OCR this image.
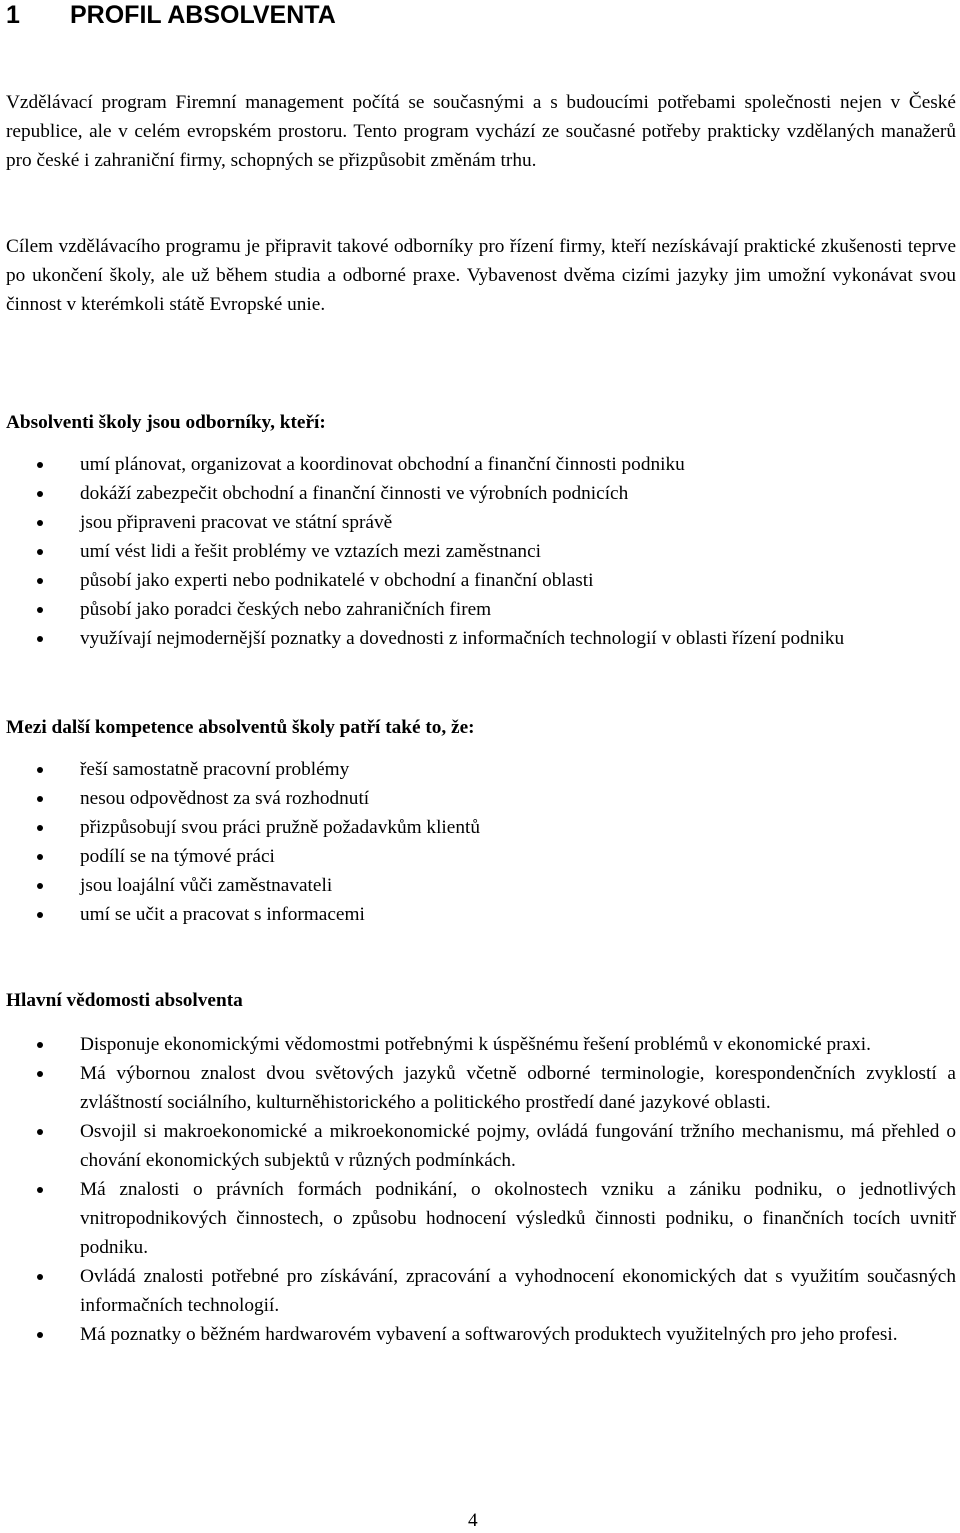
1 PROFIL ABSOLVENTA

Vzdělávací program Firemní management počítá se současnými a s budoucími potřebami společnosti nejen v České republice, ale v celém evropském prostoru. Tento program vychází ze současné potřeby prakticky vzdělaných manažerů pro české i zahraniční firmy, schopných se přizpůsobit změnám trhu.

Cílem vzdělávacího programu je připravit takové odborníky pro řízení firmy, kteří nezískávají praktické zkušenosti teprve po ukončení školy, ale už během studia a odborné praxe. Vybavenost dvěma cizími jazyky jim umožní vykonávat svou činnost v kterémkoli státě Evropské unie.

Absolventi školy jsou odborníky, kteří:
umí plánovat, organizovat a koordinovat obchodní a finanční činnosti podniku
dokáží zabezpečit obchodní a finanční činnosti ve výrobních podnicích
jsou připraveni pracovat ve státní správě
umí vést lidi a řešit problémy ve vztazích mezi zaměstnanci
působí jako experti nebo podnikatelé v obchodní a finanční oblasti
působí jako poradci českých nebo zahraničních firem
využívají nejmodernější poznatky a dovednosti z informačních technologií v oblasti řízení podniku
Mezi další kompetence absolventů školy patří také to, že:
řeší samostatně pracovní problémy
nesou odpovědnost za svá rozhodnutí
přizpůsobují svou práci pružně požadavkům klientů
podílí se na týmové práci
jsou loajální vůči zaměstnavateli
umí se učit a pracovat s informacemi
Hlavní vědomosti absolventa
Disponuje ekonomickými vědomostmi potřebnými k úspěšnému řešení problémů v ekonomické praxi.
Má výbornou znalost dvou světových jazyků včetně odborné terminologie, korespondenčních zvyklostí a zvláštností sociálního, kulturněhistorického a politického prostředí dané jazykové oblasti.
Osvojil si makroekonomické a mikroekonomické pojmy, ovládá fungování tržního mechanismu, má přehled o chování ekonomických subjektů v různých podmínkách.
Má znalosti o právních formách podnikání, o okolnostech vzniku a zániku podniku, o jednotlivých vnitropodnikových činnostech, o způsobu hodnocení výsledků činnosti podniku, o finančních tocích uvnitř podniku.
Ovládá znalosti potřebné pro získávání, zpracování a vyhodnocení ekonomických dat s využitím současných informačních technologií.
Má poznatky o běžném hardwarovém vybavení a softwarových produktech využitelných pro jeho profesi.
4
